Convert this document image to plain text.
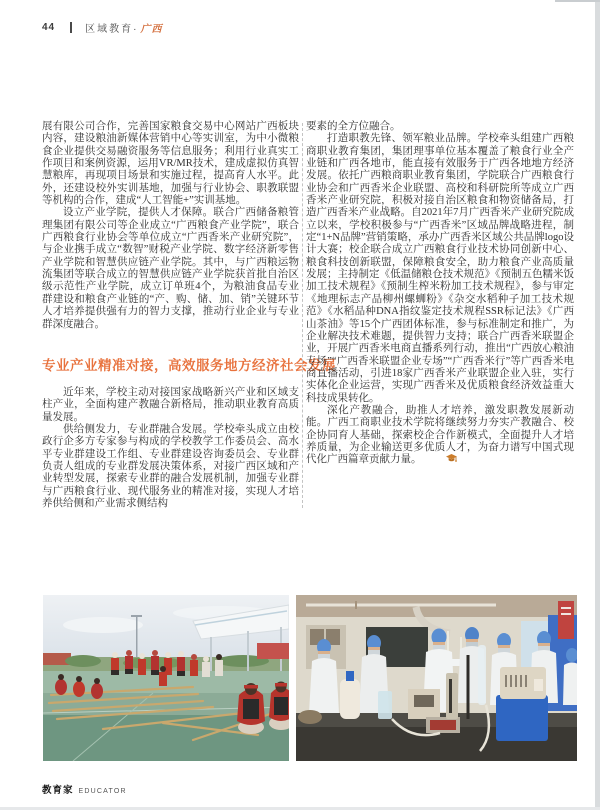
44	区域教育· 广西

展有限公司合作，完善国家粮食交易中心网站广西板块内容，建设粮油新媒体营销中心等实训室，为中小微粮食企业提供交易融资服务等信息服务；利用行业真实工作项目和案例资源，运用VR/MR技术，建成虚拟仿真智慧粮库，再现项目场景和实施过程，提高育人水平。此外，还建设校外实训基地，加强与行业协会、职教联盟等机构的合作，建成“人工智能+”实训基地。

设立产业学院，提供人才保障。联合广西储备粮管理集团有限公司等企业成立“广西粮食产业学院”，联合广西粮食行业协会等单位成立“广西香米产业研究院”，与企业携手成立“数智”财税产业学院、数字经济新零售产业学院和智慧供应链产业学院。其中，与广西粮运物流集团等联合成立的智慧供应链产业学院获首批自治区级示范性产业学院，成立订单班4个，为粮油食品专业群建设和粮食产业链的“产、购、储、加、销”关键环节人才培养提供强有力的智力支撑，推动行业企业与专业群深度融合。

专业产业精准对接，高效服务地方经济社会发展

近年来，学校主动对接国家战略新兴产业和区域支柱产业，全面构建产教融合新格局，推动职业教育高质量发展。

供给侧发力，专业群融合发展。学校牵头成立由校政行企多方专家参与构成的学校教学工作委员会、高水平专业群建设工作组、专业群建设咨询委员会、专业群负责人组成的专业群发展决策体系，对接广西区域和产业转型发展，探索专业群的融合发展机制，加强专业群与广西粮食行业、现代服务业的精准对接，实现人才培养供给侧和产业需求侧结构

要素的全方位融合。

打造职教先锋、领军粮业品牌。学校牵头组建广西粮商职业教育集团，集团理事单位基本覆盖了粮食行业全产业链和广西各地市，能直接有效服务于广西各地地方经济发展。依托广西粮商职业教育集团，学院联合广西粮食行业协会和广西香米企业联盟、高校和科研院所等成立广西香米产业研究院，积极对接自治区粮食和物资储备局，打造广西香米产业战略。自2021年7月广西香米产业研究院成立以来，学校积极参与“广西香米”区域品牌战略进程，制定“1+N品牌”营销策略，承办广西香米区域公共品牌logo设计大赛；校企联合成立广西粮食行业技术协同创新中心、粮食科技创新联盟，保障粮食安全，助力粮食产业高质量发展；主持制定《低温储粮仓技术规范》《预制五色糯米饭加工技术规程》《预制生榨米粉加工技术规程》，参与审定《地理标志产品柳州螺蛳粉》《杂交水稻种子加工技术规范》《水稻品种DNA指纹鉴定技术规程SSR标记法》《广西山茶油》等15个广西团体标准，参与标准制定和推广，为企业解决技术难题，提供智力支持；联合广西香米联盟企业，开展广西香米电商直播系列行动，推出“广西放心粮油专场”“广西香米联盟企业专场”“广西香米行”等广西香米电商直播活动，引进18家广西香米产业联盟企业入驻，实行实体化企业运营，实现广西香米及优质粮食经济效益重大科技成果转化。

深化产教融合，助推人才培养，激发职教发展新动能。广西工商职业技术学院将继续努力夯实产教融合、校企协同育人基础，探索校企合作新模式，全面提升人才培养质量，为企业输送更多优质人才，为奋力谱写中国式现代化广西篇章贡献力量。

教育家 EDUCATOR
